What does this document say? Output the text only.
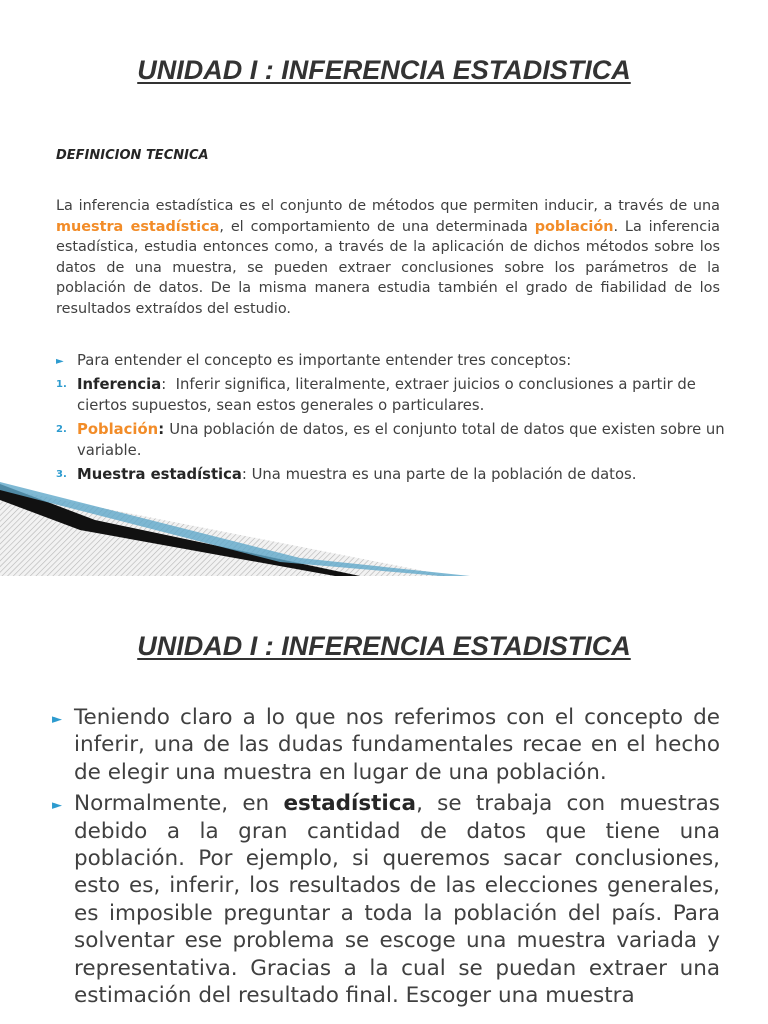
UNIDAD I : INFERENCIA ESTADISTICA

DEFINICION TECNICA

La inferencia estadística es el conjunto de métodos que permiten inducir, a través de una muestra estadística, el comportamiento de una determinada población. La inferencia estadística, estudia entonces como, a través de la aplicación de dichos métodos sobre los datos de una muestra, se pueden extraer conclusiones sobre los parámetros de la población de datos. De la misma manera estudia también el grado de fiabilidad de los resultados extraídos del estudio.

► Para entender el concepto es importante entender tres conceptos:
1. Inferencia:  Inferir significa, literalmente, extraer juicios o conclusiones a partir de ciertos supuestos, sean estos generales o particulares.
2. Población: Una población de datos, es el conjunto total de datos que existen sobre un variable.
3. Muestra estadística: Una muestra es una parte de la población de datos.
UNIDAD I : INFERENCIA ESTADISTICA
► Teniendo claro a lo que nos referimos con el concepto de inferir, una de las dudas fundamentales recae en el hecho de elegir una muestra en lugar de una población.
► Normalmente, en estadística, se trabaja con muestras debido a la gran cantidad de datos que tiene una población. Por ejemplo, si queremos sacar conclusiones, esto es, inferir, los resultados de las elecciones generales, es imposible preguntar a toda la población del país. Para solventar ese problema se escoge una muestra variada y representativa. Gracias a la cual se puedan extraer una estimación del resultado final. Escoger una muestra
